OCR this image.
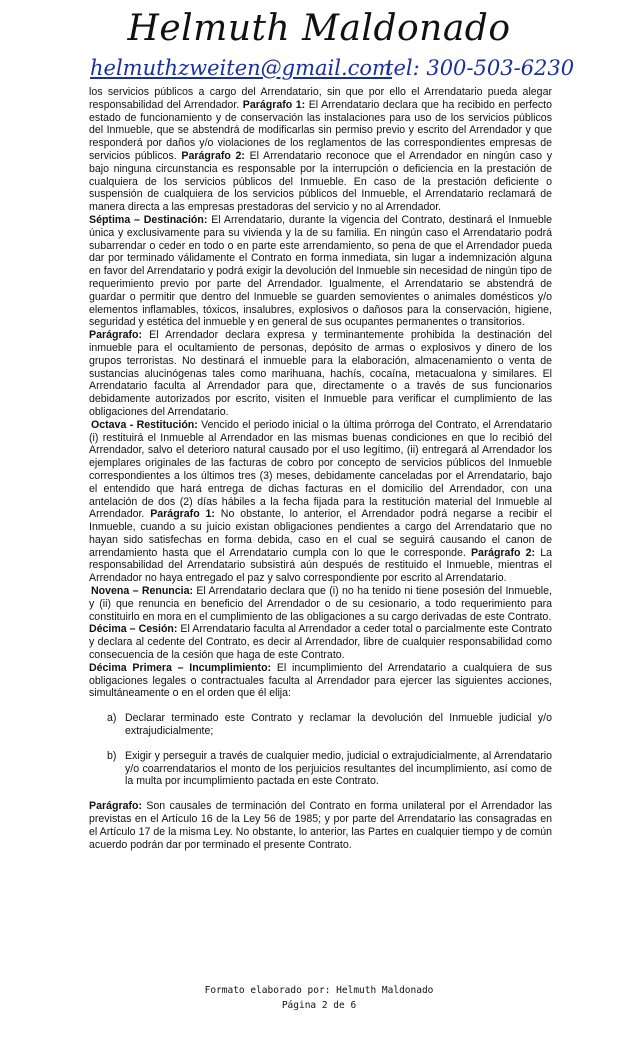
Helmuth Maldonado
helmuthzweiten@gmail.com
tel: 300-503-6230

los servicios públicos a cargo del Arrendatario, sin que por ello el Arrendatario pueda alegar responsabilidad del Arrendador. Parágrafo 1: El Arrendatario declara que ha recibido en perfecto estado de funcionamiento y de conservación las instalaciones para uso de los servicios públicos del Inmueble, que se abstendrá de modificarlas sin permiso previo y escrito del Arrendador y que responderá por daños y/o violaciones de los reglamentos de las correspondientes empresas de servicios públicos. Parágrafo 2: El Arrendatario reconoce que el Arrendador en ningún caso y bajo ninguna circunstancia es responsable por la interrupción o deficiencia en la prestación de cualquiera de los servicios públicos del Inmueble. En caso de la prestación deficiente o suspensión de cualquiera de los servicios públicos del Inmueble, el Arrendatario reclamará de manera directa a las empresas prestadoras del servicio y no al Arrendador.

Séptima – Destinación: El Arrendatario, durante la vigencia del Contrato, destinará el Inmueble única y exclusivamente para su vivienda y la de su familia. En ningún caso el Arrendatario podrá subarrendar o ceder en todo o en parte este arrendamiento, so pena de que el Arrendador pueda dar por terminado válidamente el Contrato en forma inmediata, sin lugar a indemnización alguna en favor del Arrendatario y podrá exigir la devolución del Inmueble sin necesidad de ningún tipo de requerimiento previo por parte del Arrendador. Igualmente, el Arrendatario se abstendrá de guardar o permitir que dentro del Inmueble se guarden semovientes o animales domésticos y/o elementos inflamables, tóxicos, insalubres, explosivos o dañosos para la conservación, higiene, seguridad y estética del inmueble y en general de sus ocupantes permanentes o transitorios.

Parágrafo: El Arrendador declara expresa y terminantemente prohibida la destinación del inmueble para el ocultamiento de personas, depósito de armas o explosivos y dinero de los grupos terroristas. No destinará el inmueble para la elaboración, almacenamiento o venta de sustancias alucinógenas tales como marihuana, hachís, cocaína, metacualona y similares. El Arrendatario faculta al Arrendador para que, directamente o a través de sus funcionarios debidamente autorizados por escrito, visiten el Inmueble para verificar el cumplimiento de las obligaciones del Arrendatario.

Octava - Restitución: Vencido el periodo inicial o la última prórroga del Contrato, el Arrendatario (i) restituirá el Inmueble al Arrendador en las mismas buenas condiciones en que lo recibió del Arrendador, salvo el deterioro natural causado por el uso legítimo, (ii) entregará al Arrendador los ejemplares originales de las facturas de cobro por concepto de servicios públicos del Inmueble correspondientes a los últimos tres (3) meses, debidamente canceladas por el Arrendatario, bajo el entendido que hará entrega de dichas facturas en el domicilio del Arrendador, con una antelación de dos (2) días hábiles a la fecha fijada para la restitución material del Inmueble al Arrendador. Parágrafo 1: No obstante, lo anterior, el Arrendador podrá negarse a recibir el Inmueble, cuando a su juicio existan obligaciones pendientes a cargo del Arrendatario que no hayan sido satisfechas en forma debida, caso en el cual se seguirá causando el canon de arrendamiento hasta que el Arrendatario cumpla con lo que le corresponde. Parágrafo 2: La responsabilidad del Arrendatario subsistirá aún después de restituido el Inmueble, mientras el Arrendador no haya entregado el paz y salvo correspondiente por escrito al Arrendatario.

Novena – Renuncia: El Arrendatario declara que (i) no ha tenido ni tiene posesión del Inmueble, y (ii) que renuncia en beneficio del Arrendador o de su cesionario, a todo requerimiento para constituirlo en mora en el cumplimiento de las obligaciones a su cargo derivadas de este Contrato.

Décima – Cesión: El Arrendatario faculta al Arrendador a ceder total o parcialmente este Contrato y declara al cedente del Contrato, es decir al Arrendador, libre de cualquier responsabilidad como consecuencia de la cesión que haga de este Contrato.

Décima Primera – Incumplimiento: El incumplimiento del Arrendatario a cualquiera de sus obligaciones legales o contractuales faculta al Arrendador para ejercer las siguientes acciones, simultáneamente o en el orden que él elija:

a) Declarar terminado este Contrato y reclamar la devolución del Inmueble judicial y/o extrajudicialmente;
b) Exigir y perseguir a través de cualquier medio, judicial o extrajudicialmente, al Arrendatario y/o coarrendatarios el monto de los perjuicios resultantes del incumplimiento, así como de la multa por incumplimiento pactada en este Contrato.

Parágrafo: Son causales de terminación del Contrato en forma unilateral por el Arrendador las previstas en el Artículo 16 de la Ley 56 de 1985; y por parte del Arrendatario las consagradas en el Artículo 17 de la misma Ley. No obstante, lo anterior, las Partes en cualquier tiempo y de común acuerdo podrán dar por terminado el presente Contrato.

Formato elaborado por: Helmuth Maldonado
Página 2 de 6
